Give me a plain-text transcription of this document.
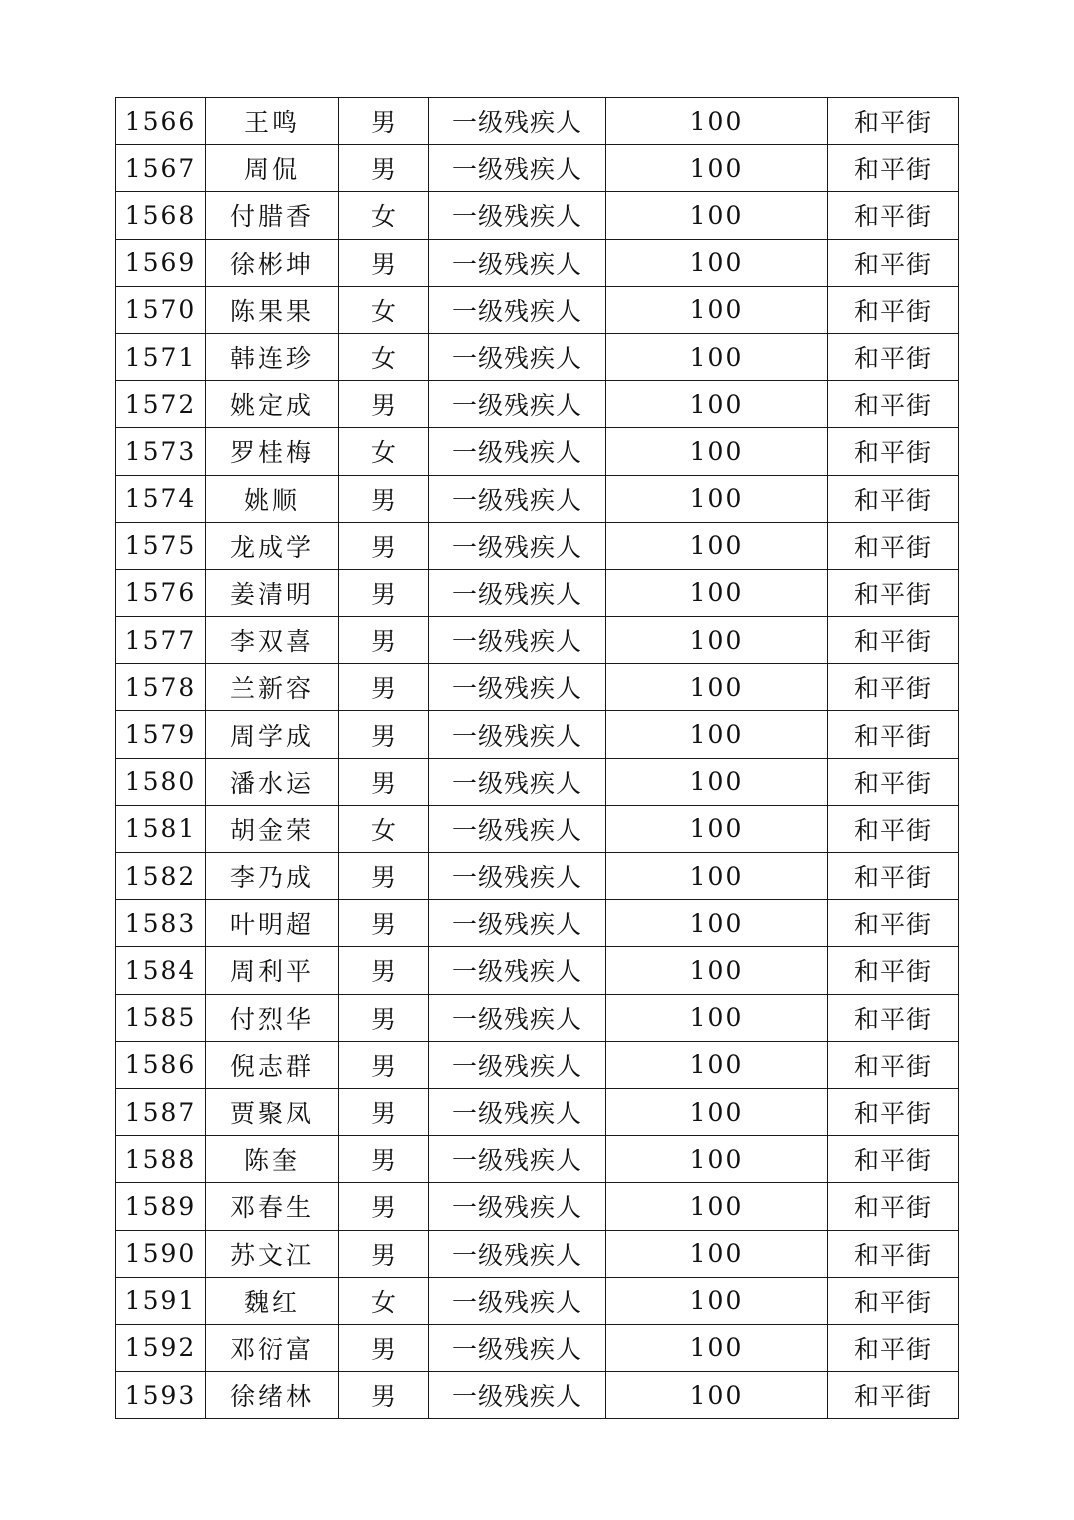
1566	王鸣	男	一级残疾人	100	和平街
1567	周侃	男	一级残疾人	100	和平街
1568	付腊香	女	一级残疾人	100	和平街
1569	徐彬坤	男	一级残疾人	100	和平街
1570	陈果果	女	一级残疾人	100	和平街
1571	韩连珍	女	一级残疾人	100	和平街
1572	姚定成	男	一级残疾人	100	和平街
1573	罗桂梅	女	一级残疾人	100	和平街
1574	姚顺	男	一级残疾人	100	和平街
1575	龙成学	男	一级残疾人	100	和平街
1576	姜清明	男	一级残疾人	100	和平街
1577	李双喜	男	一级残疾人	100	和平街
1578	兰新容	男	一级残疾人	100	和平街
1579	周学成	男	一级残疾人	100	和平街
1580	潘水运	男	一级残疾人	100	和平街
1581	胡金荣	女	一级残疾人	100	和平街
1582	李乃成	男	一级残疾人	100	和平街
1583	叶明超	男	一级残疾人	100	和平街
1584	周利平	男	一级残疾人	100	和平街
1585	付烈华	男	一级残疾人	100	和平街
1586	倪志群	男	一级残疾人	100	和平街
1587	贾聚凤	男	一级残疾人	100	和平街
1588	陈奎	男	一级残疾人	100	和平街
1589	邓春生	男	一级残疾人	100	和平街
1590	苏文江	男	一级残疾人	100	和平街
1591	魏红	女	一级残疾人	100	和平街
1592	邓衍富	男	一级残疾人	100	和平街
1593	徐绪林	男	一级残疾人	100	和平街
